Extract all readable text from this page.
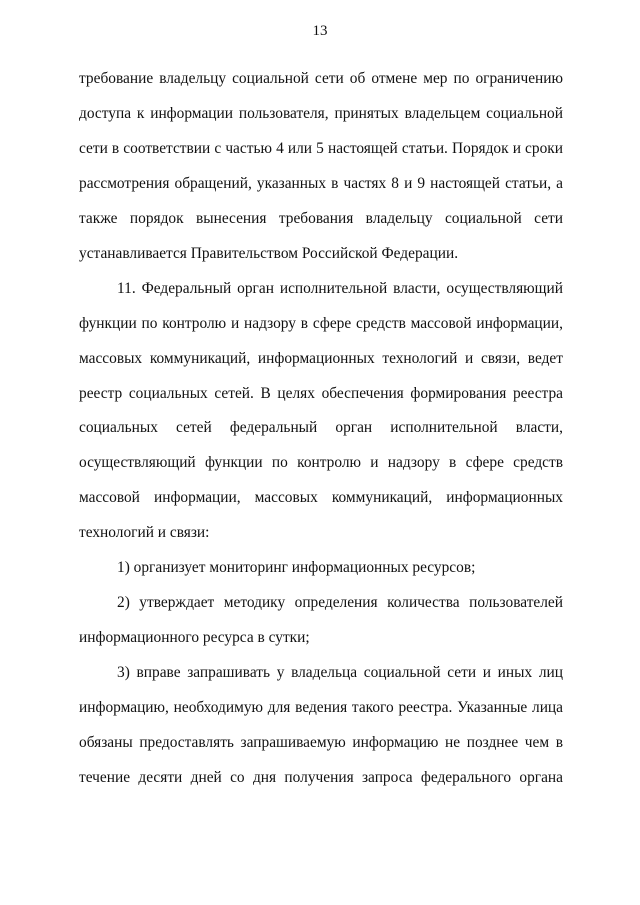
13
требование владельцу социальной сети об отмене мер по ограничению
доступа к информации пользователя, принятых владельцем социальной
сети в соответствии с частью 4 или 5 настоящей статьи. Порядок и сроки
рассмотрения обращений, указанных в частях 8 и 9 настоящей статьи, а
также порядок вынесения требования владельцу социальной сети
устанавливается Правительством Российской Федерации.
11. Федеральный орган исполнительной власти, осуществляющий
функции по контролю и надзору в сфере средств массовой информации,
массовых коммуникаций, информационных технологий и связи, ведет
реестр социальных сетей. В целях обеспечения формирования реестра
социальных сетей федеральный орган исполнительной власти,
осуществляющий функции по контролю и надзору в сфере средств
массовой информации, массовых коммуникаций, информационных
технологий и связи:
1) организует мониторинг информационных ресурсов;
2) утверждает методику определения количества пользователей
информационного ресурса в сутки;
3) вправе запрашивать у владельца социальной сети и иных лиц
информацию, необходимую для ведения такого реестра. Указанные лица
обязаны предоставлять запрашиваемую информацию не позднее чем в
течение десяти дней со дня получения запроса федерального органа
